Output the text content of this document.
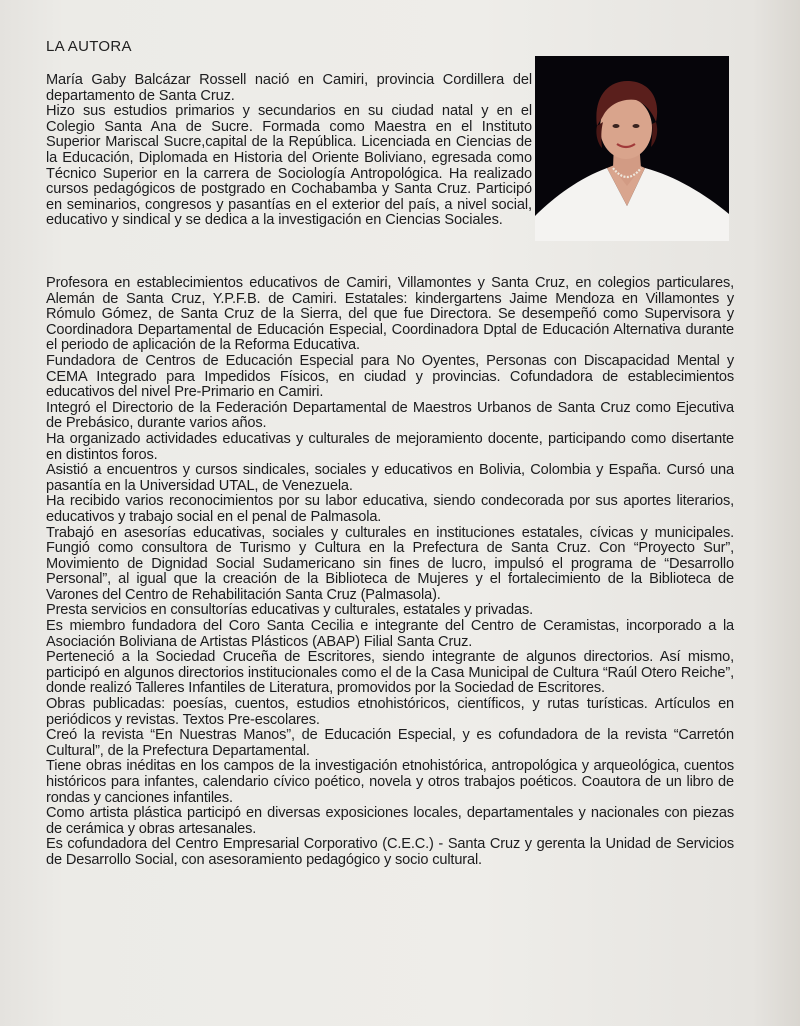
LA AUTORA

María Gaby Balcázar Rossell nació en Camiri, provincia Cordillera del departamento de Santa Cruz.

Hizo sus estudios primarios y secundarios en su ciudad natal y en el Colegio Santa Ana de Sucre. Formada como Maestra en el Instituto Superior Mariscal Sucre,capital de la República. Licenciada en Ciencias de la Educación, Diplomada en Historia del Oriente Boliviano, egresada como Técnico Superior en la carrera de Sociología Antropológica. Ha realizado cursos pedagógicos de postgrado en Cochabamba y Santa Cruz. Participó en seminarios, congresos y pasantías en el exterior del país, a nivel social, educativo y sindical y se dedica a la investigación en Ciencias Sociales.

Profesora en establecimientos educativos de Camiri, Villamontes y Santa Cruz, en colegios particulares, Alemán de Santa Cruz, Y.P.F.B. de Camiri. Estatales: kindergartens Jaime Mendoza en Villamontes y Rómulo Gómez, de Santa Cruz de la Sierra, del que fue Directora. Se desempeñó como Supervisora y Coordinadora Departamental de Educación Especial, Coordinadora Dptal de Educación Alternativa durante el periodo de aplicación de la Reforma Educativa.

Fundadora de Centros de Educación Especial para No Oyentes, Personas con Discapacidad Mental y CEMA Integrado para Impedidos Físicos, en ciudad y provincias. Cofundadora de establecimientos educativos del nivel Pre-Primario en Camiri.

Integró el Directorio de la Federación Departamental de Maestros Urbanos de Santa Cruz como Ejecutiva de Prebásico, durante varios años.

Ha organizado actividades educativas y culturales de mejoramiento docente, participando como disertante en distintos foros.

Asistió a encuentros y cursos sindicales, sociales y educativos en Bolivia, Colombia y España. Cursó una pasantía en la Universidad UTAL, de Venezuela.

Ha recibido varios reconocimientos por su labor educativa, siendo condecorada por sus aportes literarios, educativos y trabajo social en el penal de Palmasola.

Trabajó en asesorías educativas, sociales y culturales en instituciones estatales, cívicas y municipales. Fungió como consultora de Turismo y Cultura en la Prefectura de Santa Cruz. Con “Proyecto Sur”, Movimiento de Dignidad Social Sudamericano sin fines de lucro, impulsó el programa de “Desarrollo Personal”, al igual que la creación de la Biblioteca de Mujeres y el fortalecimiento de la Biblioteca de Varones del Centro de Rehabilitación Santa Cruz (Palmasola).

Presta servicios en consultorías educativas y culturales, estatales y privadas.

Es miembro fundadora del Coro Santa Cecilia e integrante del Centro de Ceramistas, incorporado a la Asociación Boliviana de Artistas Plásticos (ABAP) Filial Santa Cruz.

Perteneció a la Sociedad Cruceña de Escritores, siendo integrante de algunos directorios. Así mismo, participó en algunos directorios institucionales como el de la Casa Municipal de Cultura “Raúl Otero Reiche”, donde realizó Talleres Infantiles de Literatura, promovidos por la Sociedad de Escritores.

Obras publicadas: poesías, cuentos, estudios etnohistóricos, científicos, y rutas turísticas. Artículos en periódicos y revistas. Textos Pre-escolares.

Creó la revista “En Nuestras Manos”, de Educación Especial, y es cofundadora de la revista “Carretón Cultural”, de la Prefectura Departamental.

Tiene obras inéditas en los campos de la investigación etnohistórica, antropológica y arqueológica, cuentos históricos para infantes, calendario cívico poético, novela y otros trabajos poéticos. Coautora de un libro de rondas y canciones infantiles.

Como artista plástica participó en diversas exposiciones locales, departamentales y nacionales con piezas de cerámica y obras artesanales.

Es cofundadora del Centro Empresarial Corporativo (C.E.C.) - Santa Cruz y gerenta la Unidad de Servicios de Desarrollo Social, con asesoramiento pedagógico y socio cultural.
